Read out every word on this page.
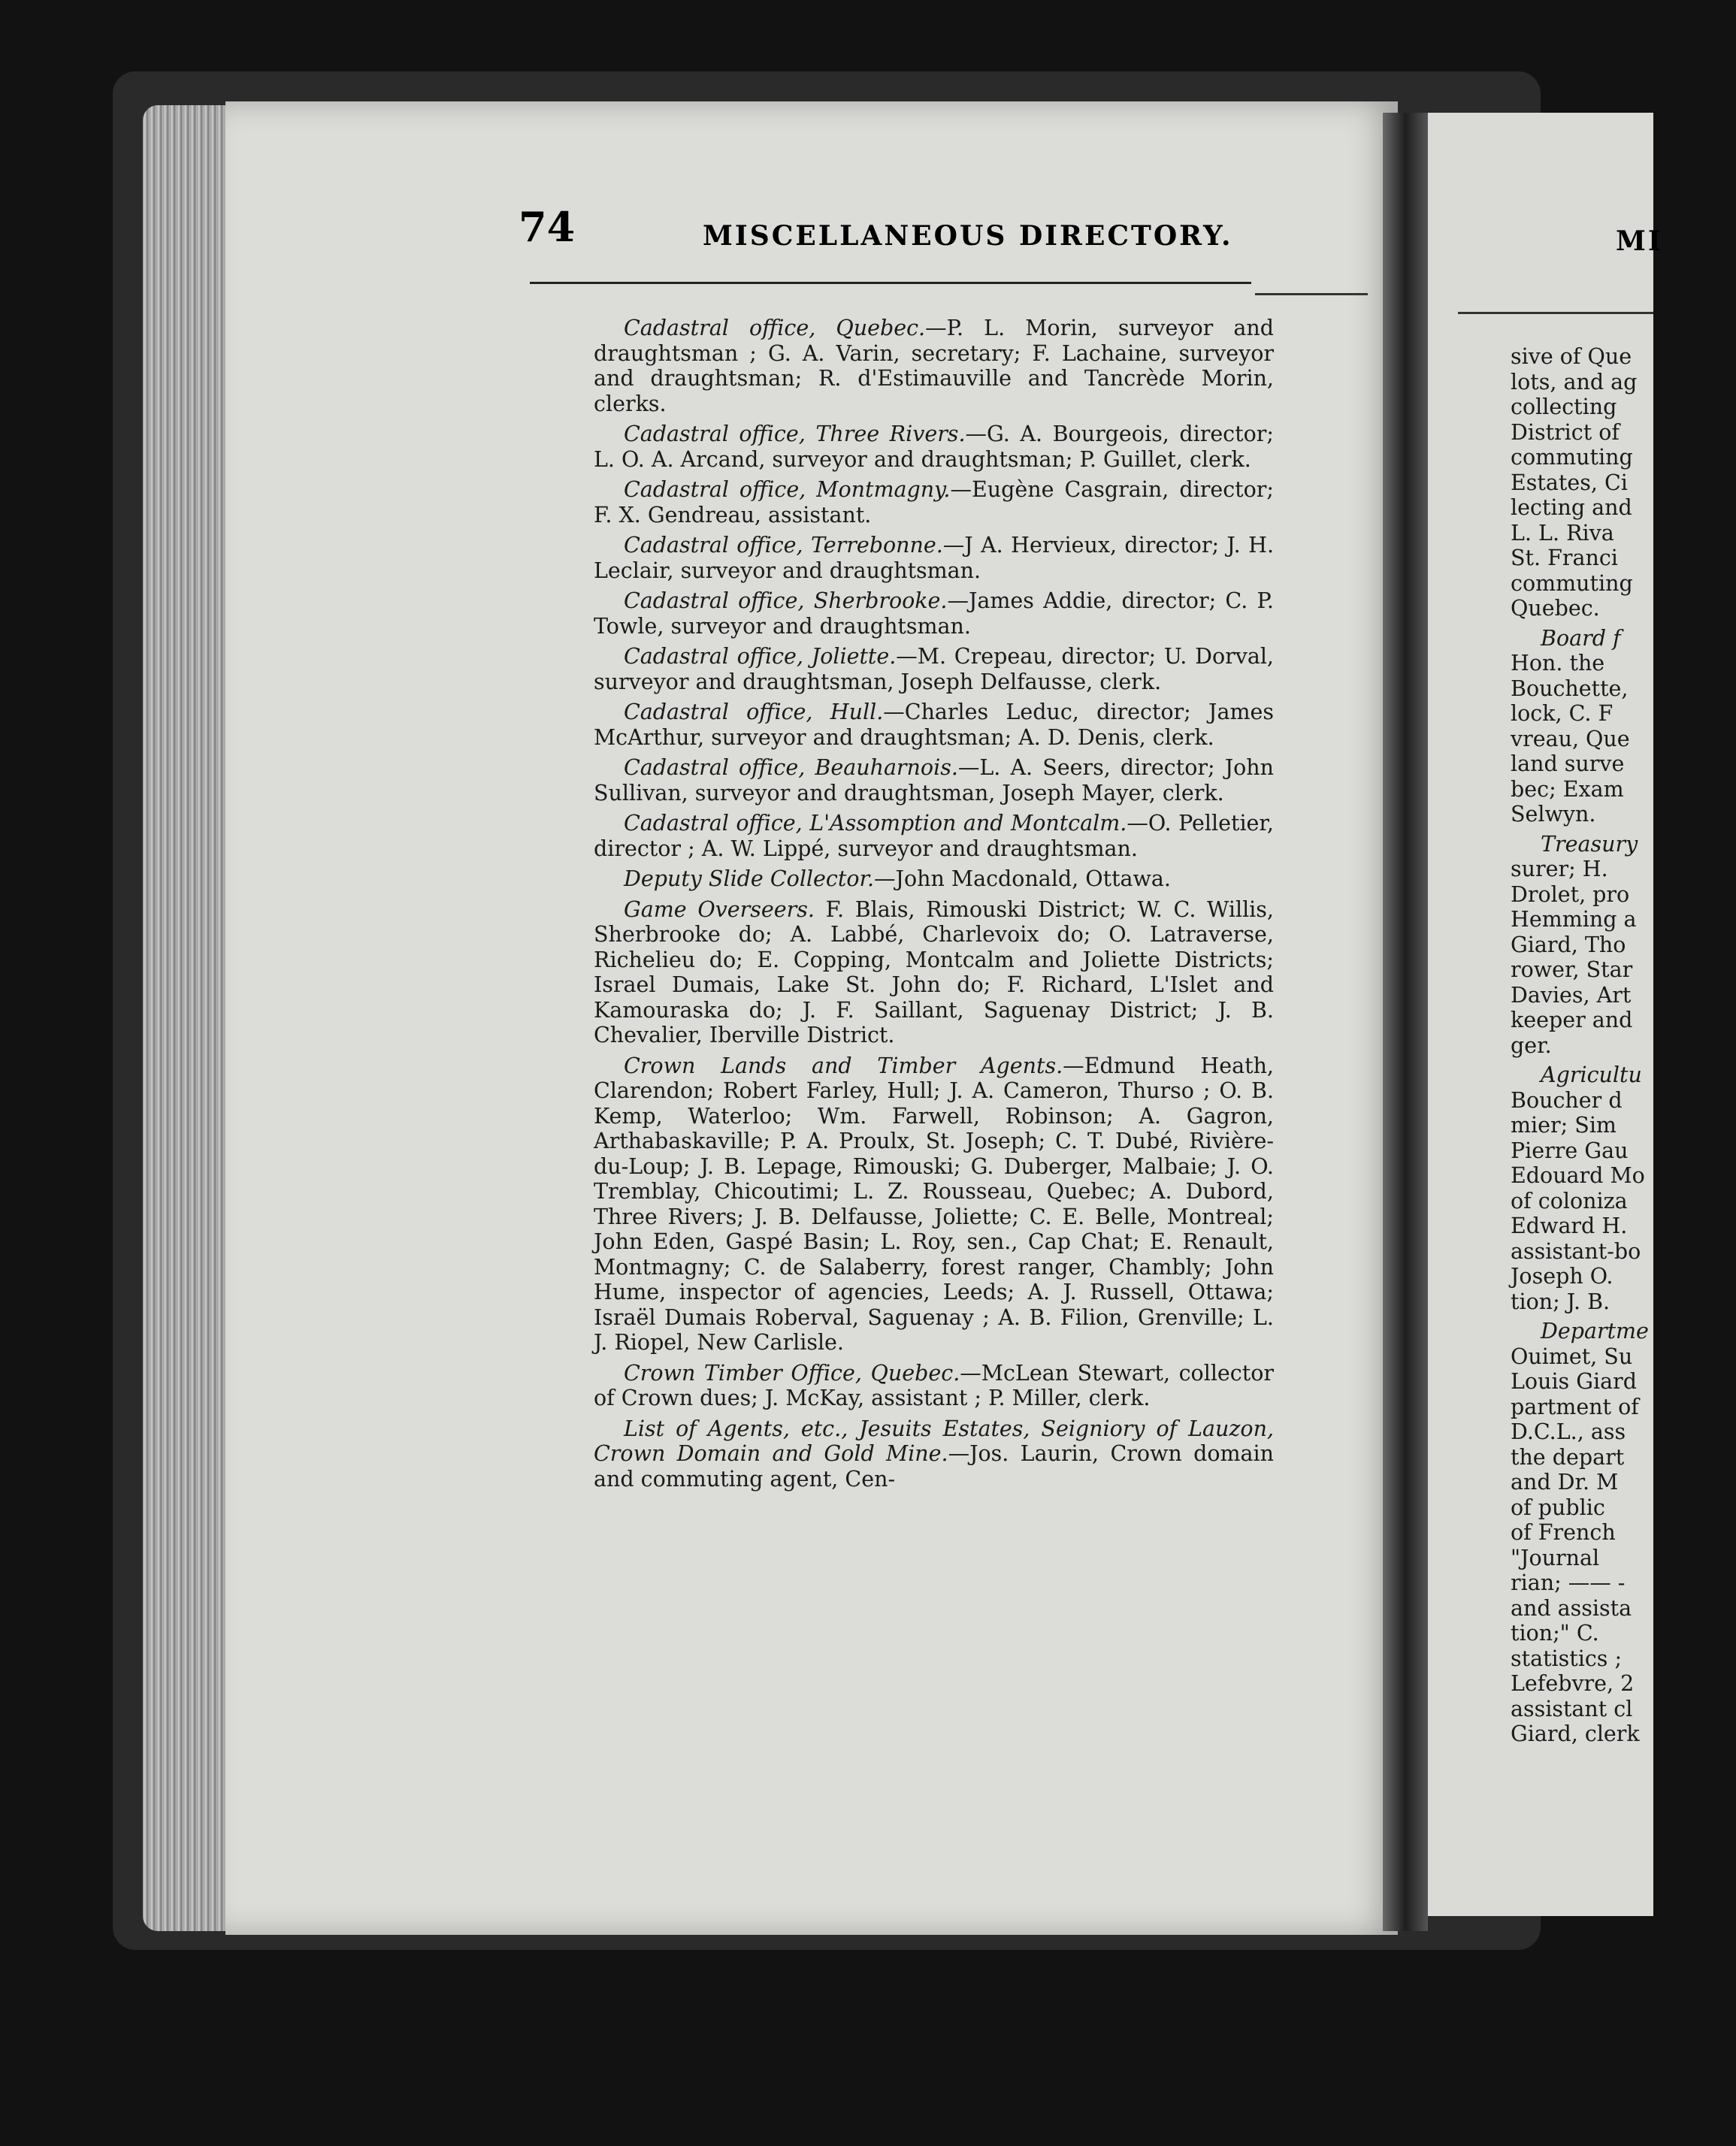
74	MISCELLANEOUS DIRECTORY.

Cadastral office, Quebec.—P. L. Morin, surveyor and draughtsman ; G. A. Varin, secretary; F. Lachaine, surveyor and draughtsman; R. d'Estimauville and Tancrède Morin, clerks.

Cadastral office, Three Rivers.—G. A. Bourgeois, director; L. O. A. Arcand, surveyor and draughtsman; P. Guillet, clerk.

Cadastral office, Montmagny.—Eugène Casgrain, director; F. X. Gendreau, assistant.

Cadastral office, Terrebonne.—J A. Hervieux, director; J. H. Leclair, surveyor and draughtsman.

Cadastral office, Sherbrooke.—James Addie, director; C. P. Towle, surveyor and draughtsman.

Cadastral office, Joliette.—M. Crepeau, director; U. Dorval, surveyor and draughtsman, Joseph Delfausse, clerk.

Cadastral office, Hull.—Charles Leduc, director; James McArthur, surveyor and draughtsman; A. D. Denis, clerk.

Cadastral office, Beauharnois.—L. A. Seers, director; John Sullivan, surveyor and draughtsman, Joseph Mayer, clerk.

Cadastral office, L'Assomption and Montcalm.—O. Pelletier, director ; A. W. Lippé, surveyor and draughtsman.

Deputy Slide Collector.—John Macdonald, Ottawa.

Game Overseers. F. Blais, Rimouski District; W. C. Willis, Sherbrooke do; A. Labbé, Charlevoix do; O. Latraverse, Richelieu do; E. Copping, Montcalm and Joliette Districts; Israel Dumais, Lake St. John do; F. Richard, L'Islet and Kamouraska do; J. F. Saillant, Saguenay District; J. B. Chevalier, Iberville District.

Crown Lands and Timber Agents.—Edmund Heath, Clarendon; Robert Farley, Hull; J. A. Cameron, Thurso ; O. B. Kemp, Waterloo; Wm. Farwell, Robinson; A. Gagron, Arthabaskaville; P. A. Proulx, St. Joseph; C. T. Dubé, Rivière-du-Loup; J. B. Lepage, Rimouski; G. Duberger, Malbaie; J. O. Tremblay, Chicoutimi; L. Z. Rousseau, Quebec; A. Dubord, Three Rivers; J. B. Delfausse, Joliette; C. E. Belle, Montreal; John Eden, Gaspé Basin; L. Roy, sen., Cap Chat; E. Renault, Montmagny; C. de Salaberry, forest ranger, Chambly; John Hume, inspector of agencies, Leeds; A. J. Russell, Ottawa; Israël Dumais Roberval, Saguenay ; A. B. Filion, Grenville; L. J. Riopel, New Carlisle.

Crown Timber Office, Quebec.—McLean Stewart, collector of Crown dues; J. McKay, assistant ; P. Miller, clerk.

List of Agents, etc., Jesuits Estates, Seigniory of Lauzon, Crown Domain and Gold Mine.—Jos. Laurin, Crown domain and commuting agent, Cen-

MI
sive of Que
lots, and ag
collecting
District of
commuting
Estates, Ci
lecting and
L. L. Riva
St. Franci
commuting
Quebec.
Board f
Hon. the
Bouchette,
lock, C. F
vreau, Que
land surve
bec; Exam
Selwyn.
Treasury
surer; H.
Drolet, pro
Hemming a
Giard, Tho
rower, Star
Davies, Art
keeper and
ger.
Agricultu
Boucher d
mier; Sim
Pierre Gau
Edouard Mo
of coloniza
Edward H.
assistant-bo
Joseph O.
tion; J. B.
Departme
Ouimet, Su
Louis Giard
partment of
D.C.L., ass
the depart
and Dr. M
of public
of French
"Journal
rian; —— -
and assista
tion;" C.
statistics ;
Lefebvre, 2
assistant cl
Giard, clerk
